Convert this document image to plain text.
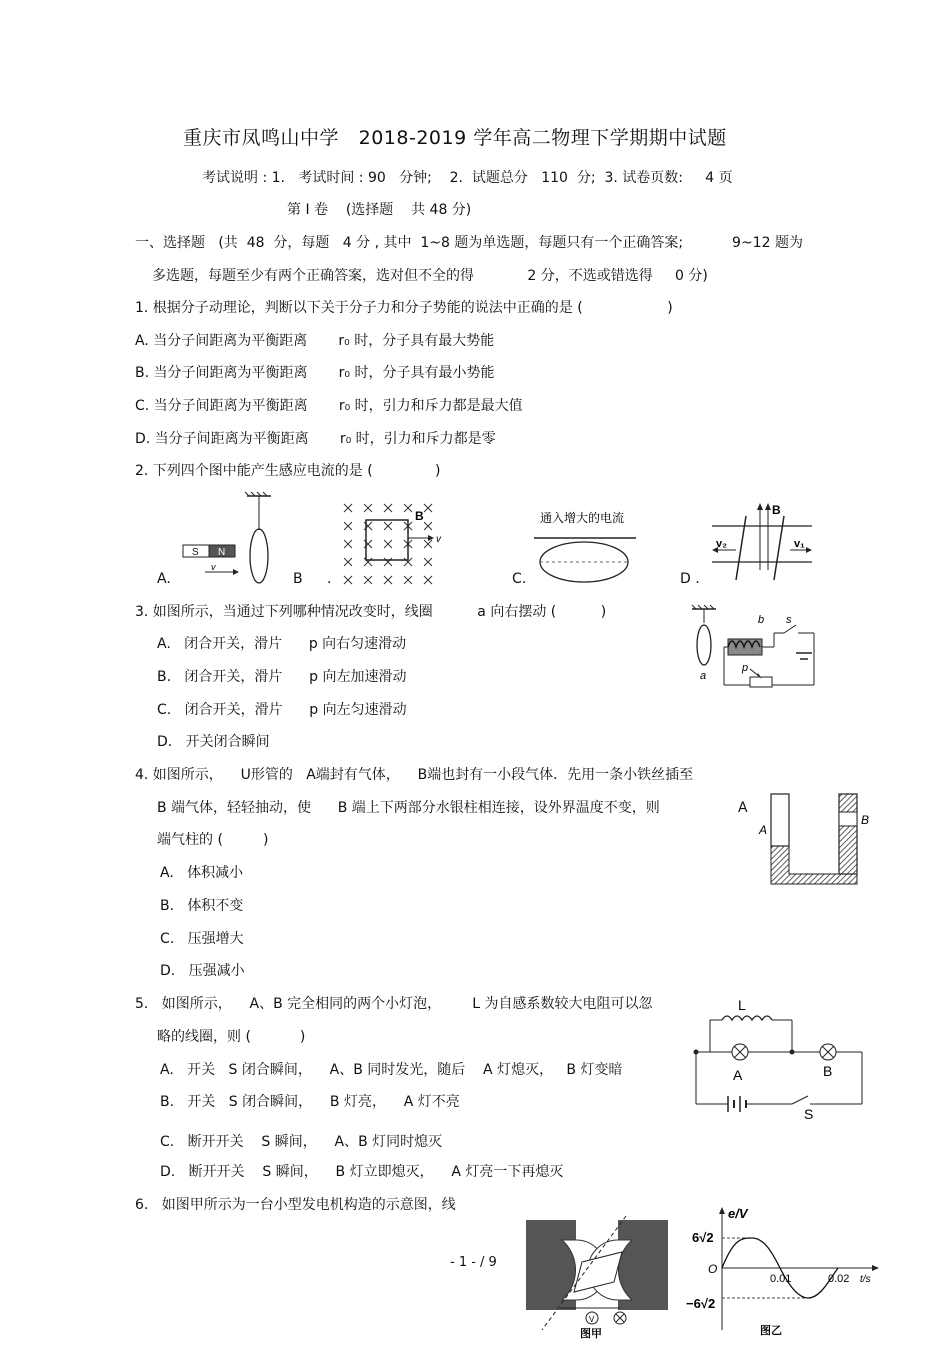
重庆市凤鸣山中学   2018-2019 学年高二物理下学期期中试题
考试说明 : 1.   考试时间 : 90   分钟;    2.  试题总分   110  分;  3. 试卷页数:     4 页
第 I 卷    (选择题    共 48 分)
一、选择题   (共  48  分，每题   4 分 , 其中  1~8 题为单选题，每题只有一个正确答案;           9~12 题为
多选题，每题至少有两个正确答案，选对但不全的得            2 分，不选或错选得     0 分)
1. 根据分子动理论，判断以下关于分子力和分子势能的说法中正确的是 (                   )
A. 当分子间距离为平衡距离       r₀ 时，分子具有最大势能
B. 当分子间距离为平衡距离       r₀ 时，分子具有最小势能
C. 当分子间距离为平衡距离       r₀ 时，引力和斥力都是最大值
D. 当分子间距离为平衡距离       r₀ 时，引力和斥力都是零
2. 下列四个图中能产生感应电流的是 (              )
S N
v
A.
v
B
B .
通入增大的电流
C.
B
v₂	v₁
D .
3. 如图所示，当通过下列哪种情况改变时，线圈          a 向右摆动 (          )
A.   闭合开关，滑片      p 向右匀速滑动
B.   闭合开关，滑片      p 向左加速滑动
C.   闭合开关，滑片      p 向左匀速滑动
D.   开关闭合瞬间
a
s
b
p
4. 如图所示，    U形管的   A端封有气体，    B端也封有一小段气体．先用一条小铁丝插至
B 端气体，轻轻抽动，使      B 端上下两部分水银柱相连接，设外界温度不变，则	A
端气柱的 (         )
A.   体积减小
B.   体积不变
C.   压强增大
D.   压强减小
A
B
5.   如图所示，    A、B 完全相同的两个小灯泡，       L 为自感系数较大电阻可以忽
略的线圈，则 (           )
A.   开关   S 闭合瞬间，    A、B 同时发光，随后    A 灯熄灭，   B 灯变暗
B.   开关   S 闭合瞬间，    B 灯亮，    A 灯不亮
C.   断开开关    S 瞬间，    A、B 灯同时熄灭
D.   断开开关    S 瞬间，    B 灯立即熄灭，    A 灯亮一下再熄灭
L
A	B
S
6.   如图甲所示为一台小型发电机构造的示意图，线
V
图甲
e/V
6√2
−6√2
O
0.01	0.02 t/s
图乙
- 1 - / 9
